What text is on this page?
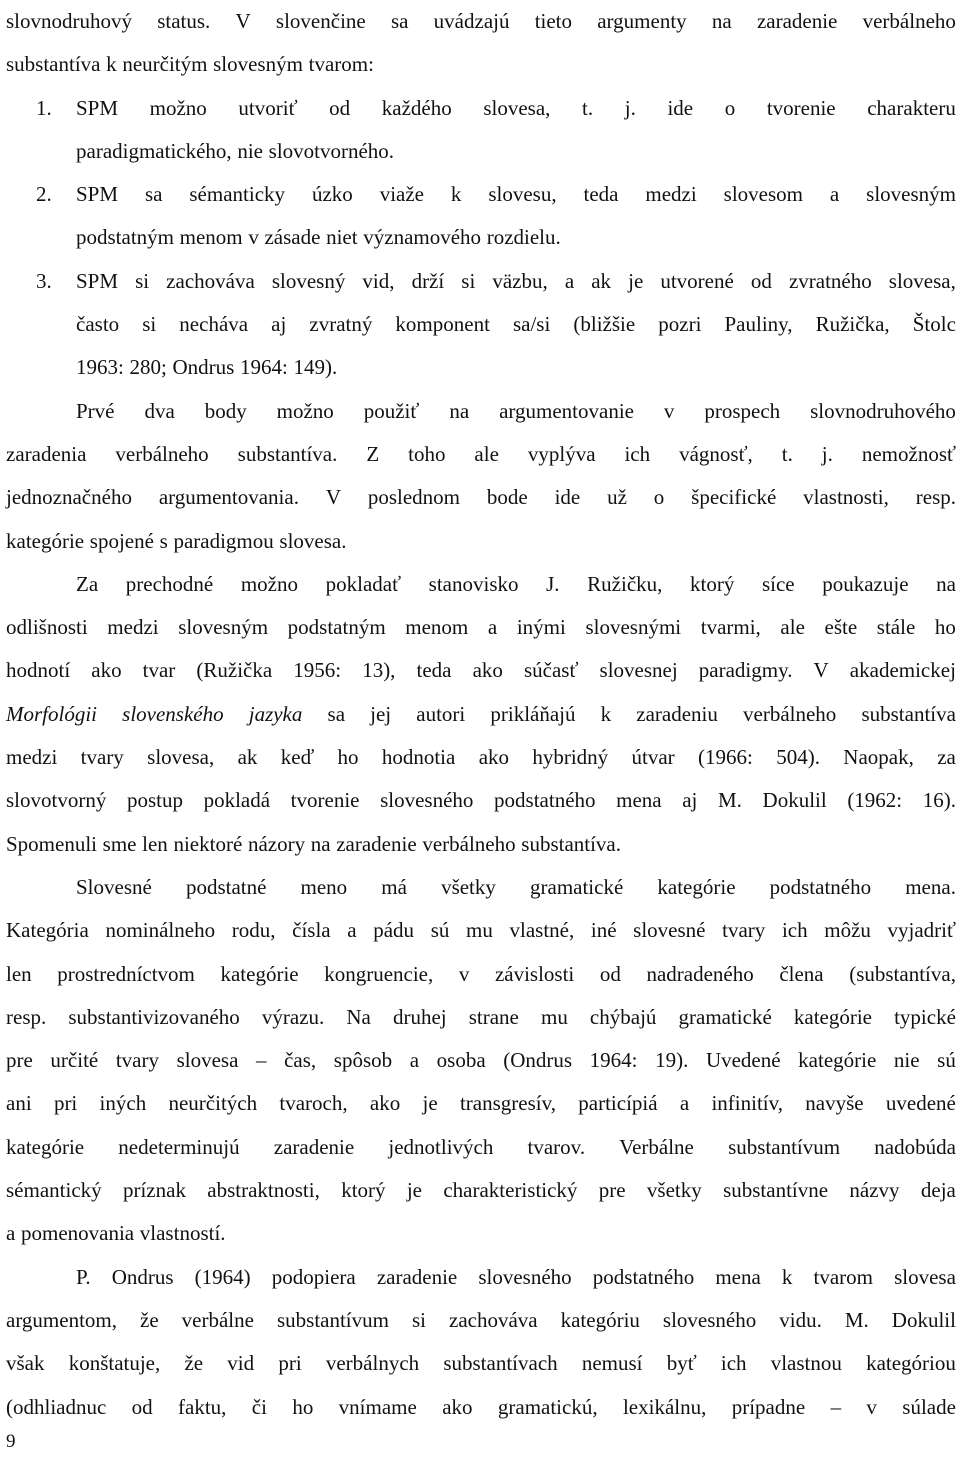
slovnodruhový status. V slovenčine sa uvádzajú tieto argumenty na zaradenie verbálneho
substantíva k neurčitým slovesným tvarom:
1. SPM možno utvoriť od každého slovesa, t. j. ide o tvorenie charakteru
paradigmatického, nie slovotvorného.
2. SPM sa sémanticky úzko viaže k slovesu, teda medzi slovesom a slovesným
podstatným menom v zásade niet významového rozdielu.
3. SPM si zachováva slovesný vid, drží si väzbu, a ak je utvorené od zvratného slovesa,
často si necháva aj zvratný komponent sa/si (bližšie pozri Pauliny, Ružička, Štolc
1963: 280; Ondrus 1964: 149).
Prvé dva body možno použiť na argumentovanie v prospech slovnodruhového
zaradenia verbálneho substantíva. Z toho ale vyplýva ich vágnosť, t. j. nemožnosť
jednoznačného argumentovania. V poslednom bode ide už o špecifické vlastnosti, resp.
kategórie spojené s paradigmou slovesa.
Za prechodné možno pokladať stanovisko J. Ružičku, ktorý síce poukazuje na
odlišnosti medzi slovesným podstatným menom a inými slovesnými tvarmi, ale ešte stále ho
hodnotí ako tvar (Ružička 1956: 13), teda ako súčasť slovesnej paradigmy. V akademickej
Morfológii slovenského jazyka sa jej autori prikláňajú k zaradeniu verbálneho substantíva
medzi tvary slovesa, ak keď ho hodnotia ako hybridný útvar (1966: 504). Naopak, za
slovotvorný postup pokladá tvorenie slovesného podstatného mena aj M. Dokulil (1962: 16).
Spomenuli sme len niektoré názory na zaradenie verbálneho substantíva.
Slovesné podstatné meno má všetky gramatické kategórie podstatného mena.
Kategória nominálneho rodu, čísla a pádu sú mu vlastné, iné slovesné tvary ich môžu vyjadriť
len prostredníctvom kategórie kongruencie, v závislosti od nadradeného člena (substantíva,
resp. substantivizovaného výrazu. Na druhej strane mu chýbajú gramatické kategórie typické
pre určité tvary slovesa – čas, spôsob a osoba (Ondrus 1964: 19). Uvedené kategórie nie sú
ani pri iných neurčitých tvaroch, ako je transgresív, particípiá a infinitív, navyše uvedené
kategórie nedeterminujú zaradenie jednotlivých tvarov. Verbálne substantívum nadobúda
sémantický príznak abstraktnosti, ktorý je charakteristický pre všetky substantívne názvy deja
a pomenovania vlastností.
P. Ondrus (1964) podopiera zaradenie slovesného podstatného mena k tvarom slovesa
argumentom, že verbálne substantívum si zachováva kategóriu slovesného vidu. M. Dokulil
však konštatuje, že vid pri verbálnych substantívach nemusí byť ich vlastnou kategóriou
(odhliadnuc od faktu, či ho vnímame ako gramatickú, lexikálnu, prípadne – v súlade
9
